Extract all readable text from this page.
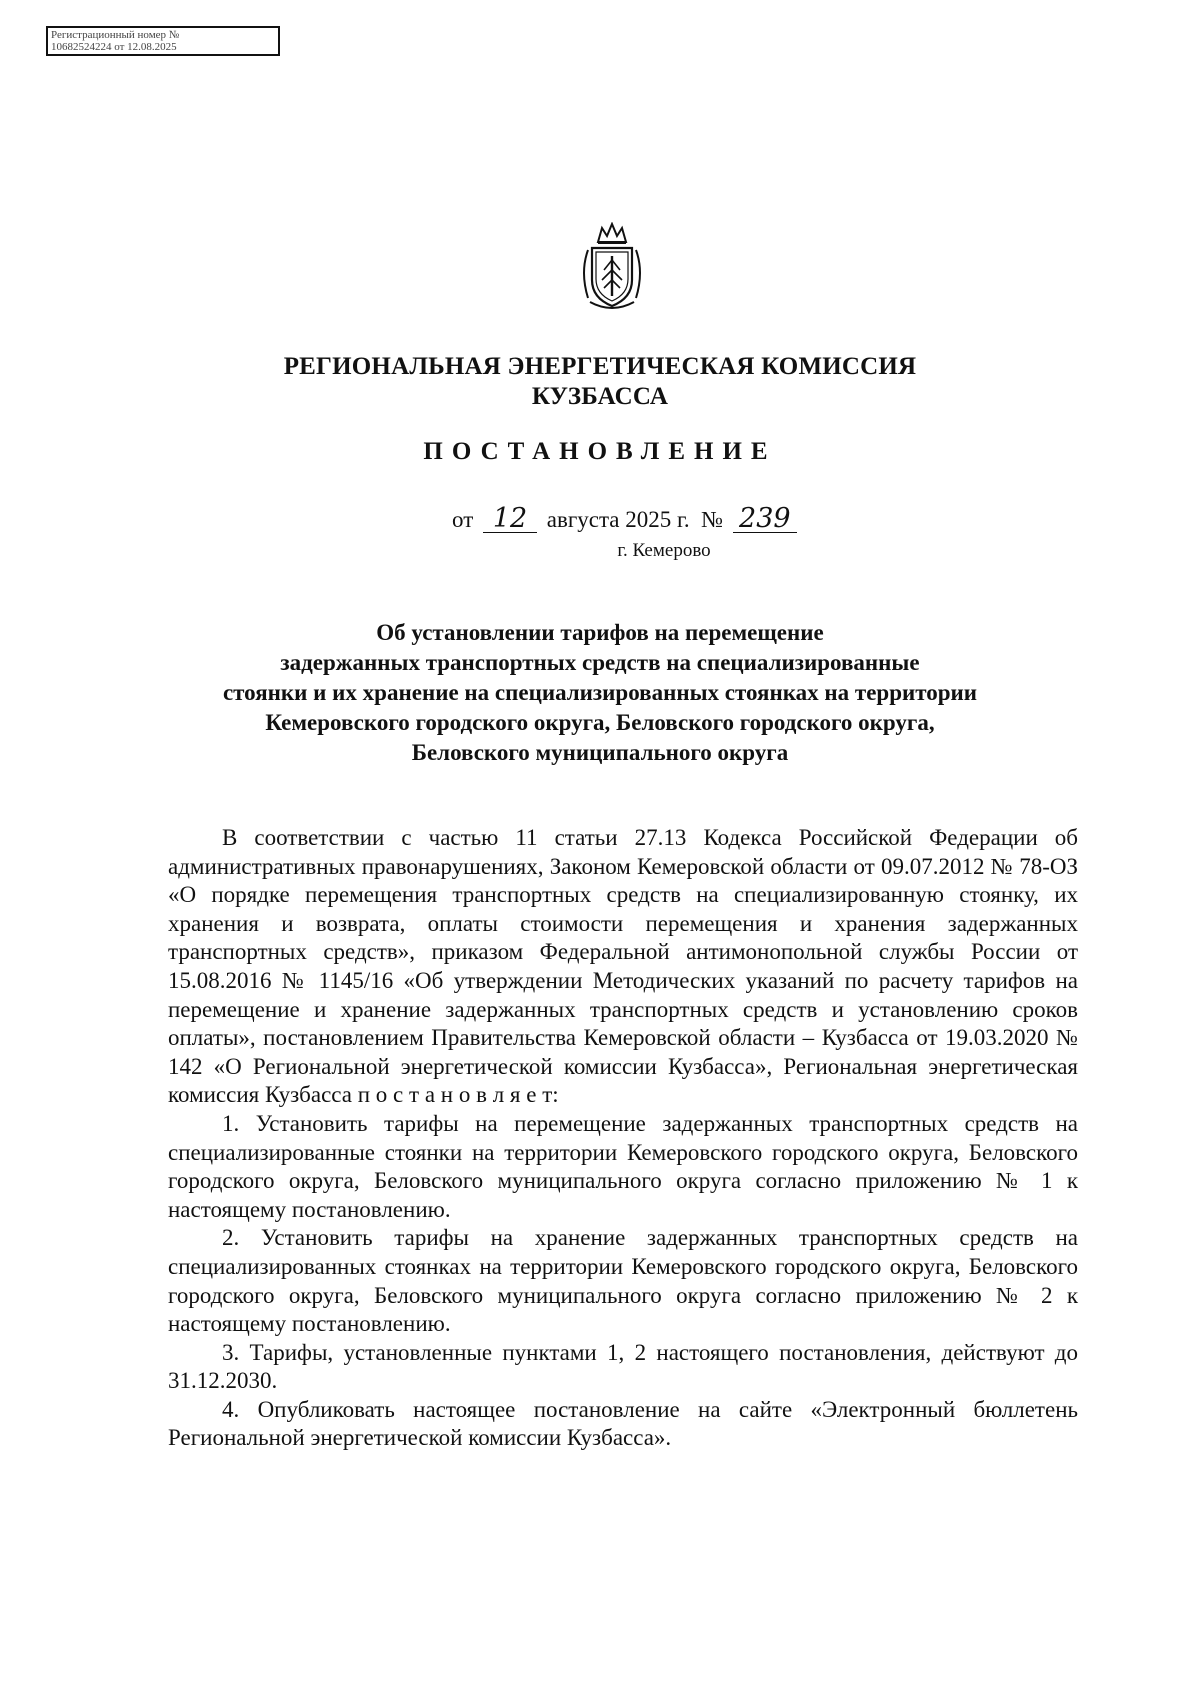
Регистрационный номер №
10682524224 от 12.08.2025
РЕГИОНАЛЬНАЯ ЭНЕРГЕТИЧЕСКАЯ КОМИССИЯ
КУЗБАССА
ПОСТАНОВЛЕНИЕ
от 12 августа 2025 г. № 239
г. Кемерово
Об установлении тарифов на перемещение
задержанных транспортных средств на специализированные
стоянки и их хранение на специализированных стоянках на территории
Кемеровского городского округа, Беловского городского округа,
Беловского муниципального округа

В соответствии с частью 11 статьи 27.13 Кодекса Российской Федерации об административных правонарушениях, Законом Кемеровской области от 09.07.2012 № 78-ОЗ «О порядке перемещения транспортных средств на специализированную стоянку, их хранения и возврата, оплаты стоимости перемещения и хранения задержанных транспортных средств», приказом Федеральной антимонопольной службы России от 15.08.2016 № 1145/16 «Об утверждении Методических указаний по расчету тарифов на перемещение и хранение задержанных транспортных средств и установлению сроков оплаты», постановлением Правительства Кемеровской области – Кузбасса от 19.03.2020 № 142 «О Региональной энергетической комиссии Кузбасса», Региональная энергетическая комиссия Кузбасса п о с т а н о в л я е т:

1. Установить тарифы на перемещение задержанных транспортных средств на специализированные стоянки на территории Кемеровского городского округа, Беловского городского округа, Беловского муниципального округа согласно приложению № 1 к настоящему постановлению.

2. Установить тарифы на хранение задержанных транспортных средств на специализированных стоянках на территории Кемеровского городского округа, Беловского городского округа, Беловского муниципального округа согласно приложению № 2 к настоящему постановлению.

3. Тарифы, установленные пунктами 1, 2 настоящего постановления, действуют до 31.12.2030.

4. Опубликовать настоящее постановление на сайте «Электронный бюллетень Региональной энергетической комиссии Кузбасса».
